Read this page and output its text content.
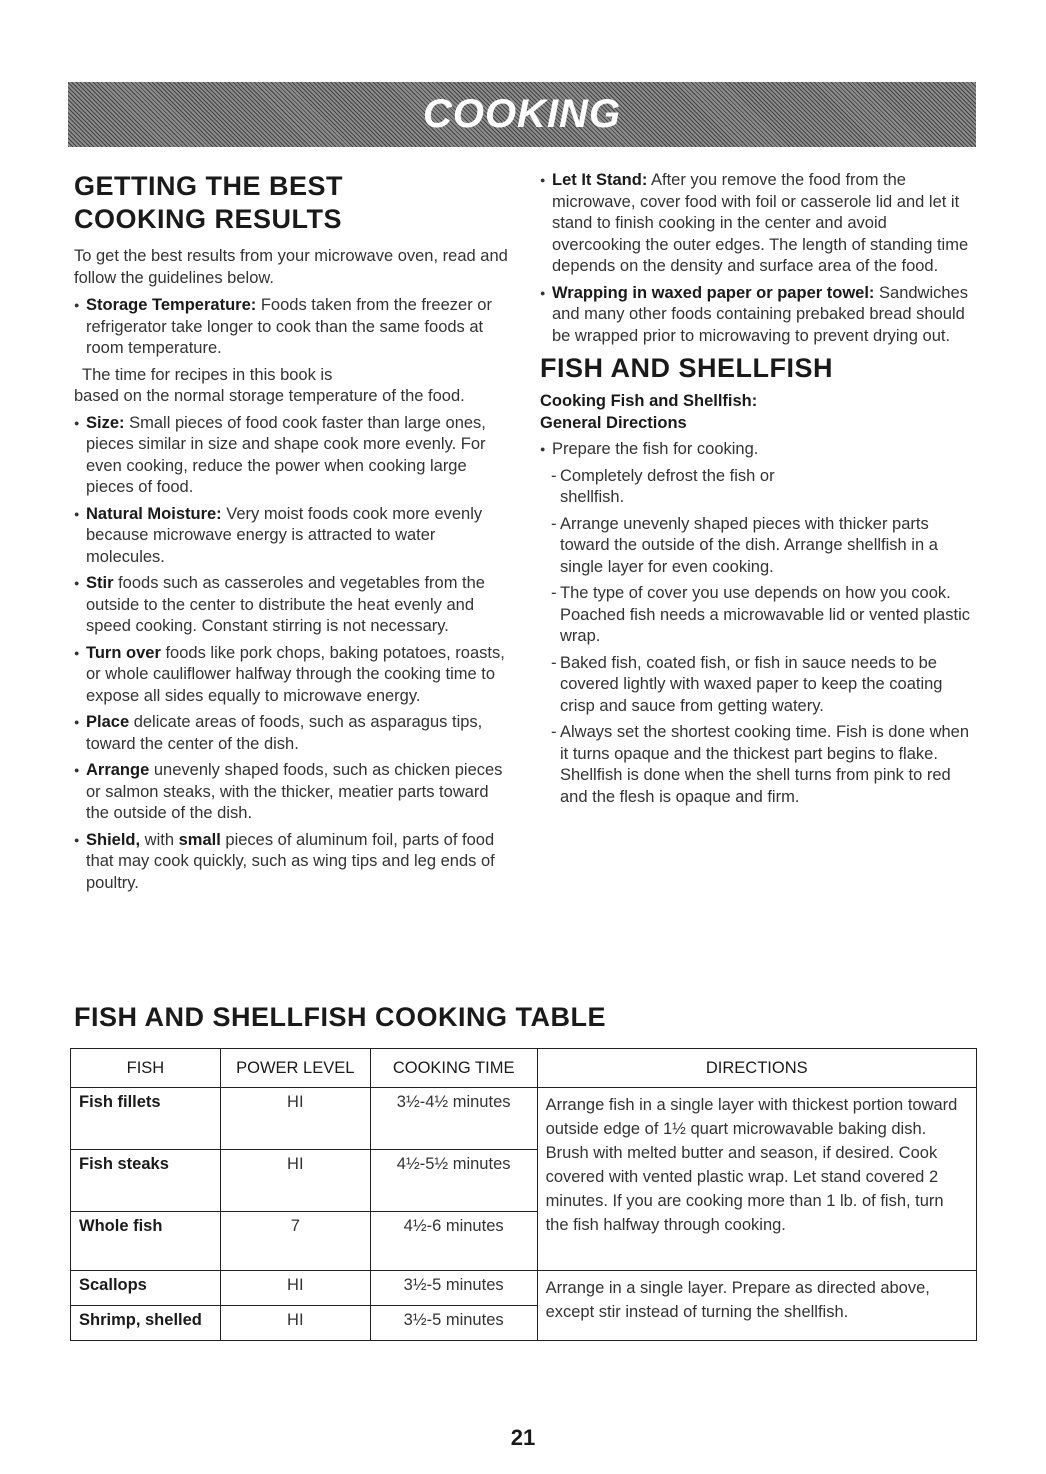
COOKING
GETTING THE BEST
COOKING RESULTS

To get the best results from your microwave oven, read and follow the guidelines below.

● Storage Temperature: Foods taken from the freezer or refrigerator take longer to cook than the same foods at room temperature.

The time for recipes in this book is

based on the normal storage temperature of the food.

● Size: Small pieces of food cook faster than large ones, pieces similar in size and shape cook more evenly. For even cooking, reduce the power when cooking large pieces of food.

● Natural Moisture: Very moist foods cook more evenly because microwave energy is attracted to water molecules.

● Stir foods such as casseroles and vegetables from the outside to the center to distribute the heat evenly and speed cooking. Constant stirring is not necessary.

● Turn over foods like pork chops, baking potatoes, roasts, or whole cauliflower halfway through the cooking time to expose all sides equally to microwave energy.

● Place delicate areas of foods, such as asparagus tips, toward the center of the dish.

● Arrange unevenly shaped foods, such as chicken pieces or salmon steaks, with the thicker, meatier parts toward the outside of the dish.

● Shield, with small pieces of aluminum foil, parts of food that may cook quickly, such as wing tips and leg ends of poultry.

● Let It Stand: After you remove the food from the microwave, cover food with foil or casserole lid and let it stand to finish cooking in the center and avoid overcooking the outer edges. The length of standing time depends on the density and surface area of the food.

● Wrapping in waxed paper or paper towel: Sandwiches and many other foods containing prebaked bread should be wrapped prior to microwaving to prevent drying out.

FISH AND SHELLFISH

Cooking Fish and Shellfish:
General Directions

● Prepare the fish for cooking.

- Completely defrost the fish or shellfish.

- Arrange unevenly shaped pieces with thicker parts toward the outside of the dish. Arrange shellfish in a single layer for even cooking.

- The type of cover you use depends on how you cook. Poached fish needs a microwavable lid or vented plastic wrap.

- Baked fish, coated fish, or fish in sauce needs to be covered lightly with waxed paper to keep the coating crisp and sauce from getting watery.

- Always set the shortest cooking time. Fish is done when it turns opaque and the thickest part begins to flake. Shellfish is done when the shell turns from pink to red and the flesh is opaque and firm.

FISH AND SHELLFISH COOKING TABLE
FISH	POWER LEVEL	COOKING TIME	DIRECTIONS
Fish fillets	HI	3½-4½ minutes	Arrange fish in a single layer with thickest portion toward outside edge of 1½ quart microwavable baking dish. Brush with melted butter and season, if desired. Cook covered with vented plastic wrap. Let stand covered 2 minutes. If you are cooking more than 1 lb. of fish, turn the fish halfway through cooking.
Fish steaks	HI	4½-5½ minutes	
Whole fish	7	4½-6 minutes	
Scallops	HI	3½-5 minutes	Arrange in a single layer. Prepare as directed above, except stir instead of turning the shellfish.
Shrimp, shelled	HI	3½-5 minutes	
21
